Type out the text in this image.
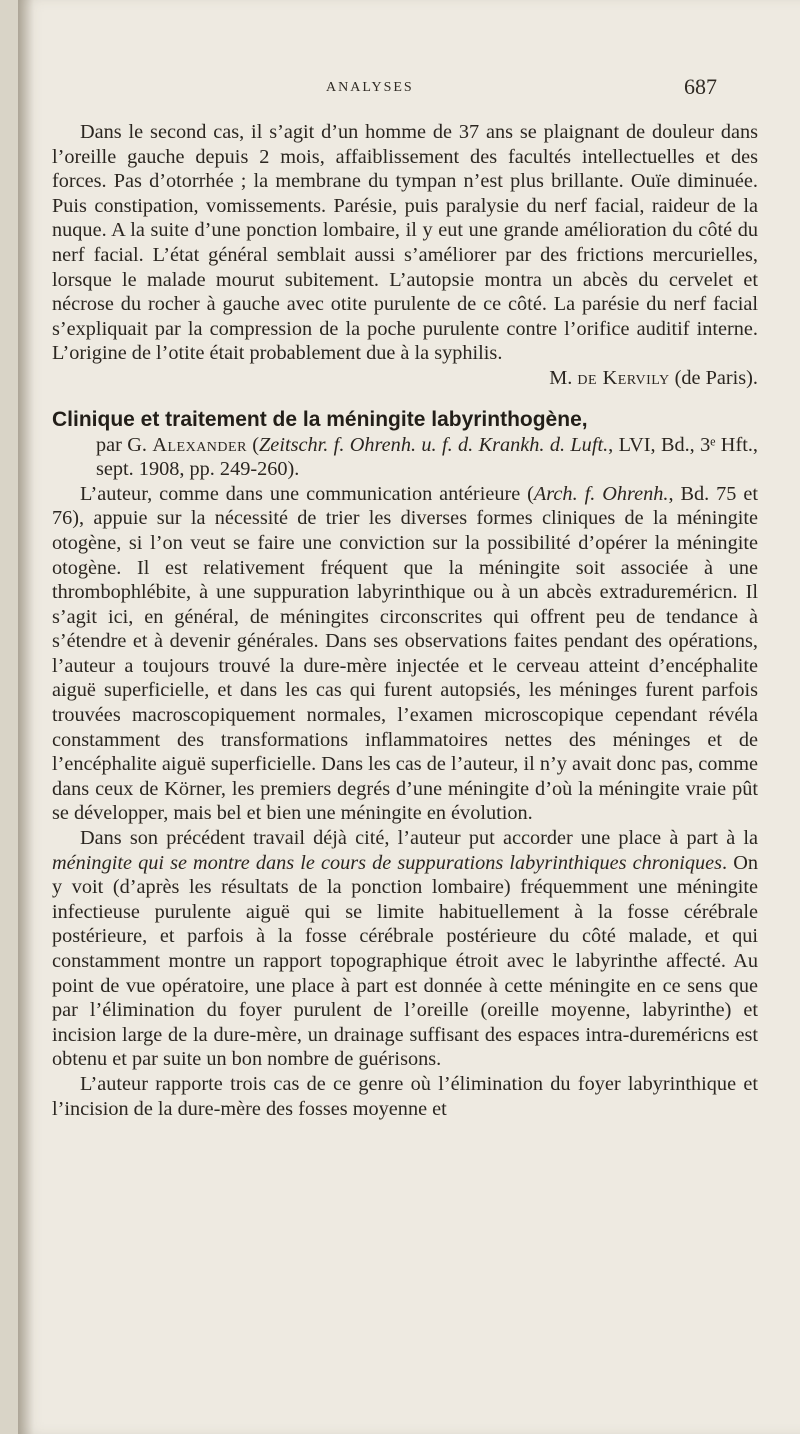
ANALYSES	687

Dans le second cas, il s’agit d’un homme de 37 ans se plaignant de douleur dans l’oreille gauche depuis 2 mois, affaiblissement des facultés intellectuelles et des forces. Pas d’otorrhée ; la membrane du tympan n’est plus brillante. Ouïe diminuée. Puis constipation, vomissements. Parésie, puis paralysie du nerf facial, raideur de la nuque. A la suite d’une ponction lombaire, il y eut une grande amélioration du côté du nerf facial. L’état général semblait aussi s’améliorer par des frictions mercurielles, lorsque le malade mourut subitement. L’autopsie montra un abcès du cervelet et nécrose du rocher à gauche avec otite purulente de ce côté. La parésie du nerf facial s’expliquait par la compression de la poche purulente contre l’orifice auditif interne. L’origine de l’otite était probablement due à la syphilis.

M. de Kervily (de Paris).

Clinique et traitement de la méningite labyrinthogène,
par G. Alexander (Zeitschr. f. Ohrenh. u. f. d. Krankh. d. Luft., LVI, Bd., 3ᵉ Hft., sept. 1908, pp. 249-260).

L’auteur, comme dans une communication antérieure (Arch. f. Ohrenh., Bd. 75 et 76), appuie sur la nécessité de trier les diverses formes cliniques de la méningite otogène, si l’on veut se faire une conviction sur la possibilité d’opérer la méningite otogène. Il est relativement fréquent que la méningite soit associée à une thrombophlébite, à une suppuration labyrinthique ou à un abcès extradureméricn. Il s’agit ici, en général, de méningites circonscrites qui offrent peu de tendance à s’étendre et à devenir générales. Dans ses observations faites pendant des opérations, l’auteur a toujours trouvé la dure-mère injectée et le cerveau atteint d’encéphalite aiguë superficielle, et dans les cas qui furent autopsiés, les méninges furent parfois trouvées macroscopiquement normales, l’examen microscopique cependant révéla constamment des transformations inflammatoires nettes des méninges et de l’encéphalite aiguë superficielle. Dans les cas de l’auteur, il n’y avait donc pas, comme dans ceux de Körner, les premiers degrés d’une méningite d’où la méningite vraie pût se développer, mais bel et bien une méningite en évolution.

Dans son précédent travail déjà cité, l’auteur put accorder une place à part à la méningite qui se montre dans le cours de suppurations labyrinthiques chroniques. On y voit (d’après les résultats de la ponction lombaire) fréquemment une méningite infectieuse purulente aiguë qui se limite habituellement à la fosse cérébrale postérieure, et parfois à la fosse cérébrale postérieure du côté malade, et qui constamment montre un rapport topographique étroit avec le labyrinthe affecté. Au point de vue opératoire, une place à part est donnée à cette méningite en ce sens que par l’élimination du foyer purulent de l’oreille (oreille moyenne, labyrinthe) et incision large de la dure-mère, un drainage suffisant des espaces intra-dureméricns est obtenu et par suite un bon nombre de guérisons.

L’auteur rapporte trois cas de ce genre où l’élimination du foyer labyrinthique et l’incision de la dure-mère des fosses moyenne et
